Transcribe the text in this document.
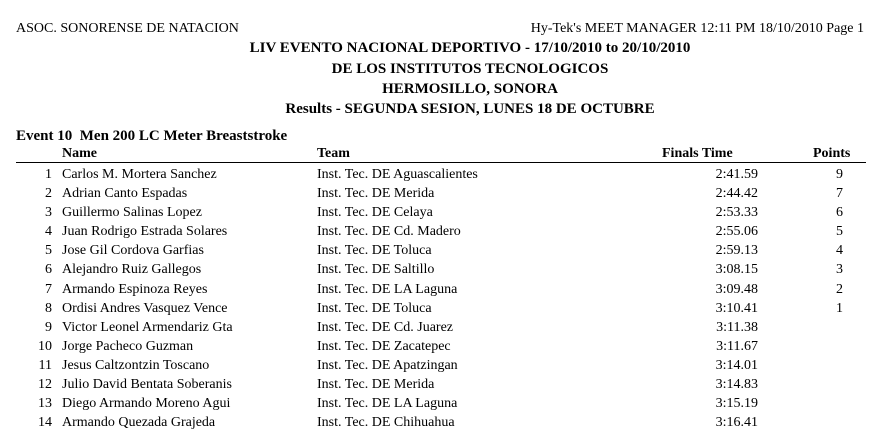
ASOC. SONORENSE DE NATACION	Hy-Tek's MEET MANAGER 12:11 PM 18/10/2010 Page 1
LIV EVENTO NACIONAL DEPORTIVO - 17/10/2010 to 20/10/2010
DE LOS INSTITUTOS TECNOLOGICOS
HERMOSILLO, SONORA
Results - SEGUNDA SESION, LUNES 18 DE OCTUBRE
Event 10  Men 200 LC Meter Breaststroke
Name	Team	Finals Time	Points
1 Carlos M. Mortera Sanchez	Inst. Tec. DE Aguascalientes	2:41.59	9
2 Adrian Canto Espadas	Inst. Tec. DE Merida	2:44.42	7
3 Guillermo Salinas Lopez	Inst. Tec. DE Celaya	2:53.33	6
4 Juan Rodrigo Estrada Solares	Inst. Tec. DE Cd. Madero	2:55.06	5
5 Jose Gil Cordova Garfias	Inst. Tec. DE Toluca	2:59.13	4
6 Alejandro Ruiz Gallegos	Inst. Tec. DE Saltillo	3:08.15	3
7 Armando Espinoza Reyes	Inst. Tec. DE LA Laguna	3:09.48	2
8 Ordisi Andres Vasquez Vence	Inst. Tec. DE Toluca	3:10.41	1
9 Victor Leonel Armendariz Gta	Inst. Tec. DE Cd. Juarez	3:11.38
10 Jorge Pacheco Guzman	Inst. Tec. DE Zacatepec	3:11.67
11 Jesus Caltzontzin Toscano	Inst. Tec. DE Apatzingan	3:14.01
12 Julio David Bentata Soberanis	Inst. Tec. DE Merida	3:14.83
13 Diego Armando Moreno Agui	Inst. Tec. DE LA Laguna	3:15.19
14 Armando Quezada Grajeda	Inst. Tec. DE Chihuahua	3:16.41
